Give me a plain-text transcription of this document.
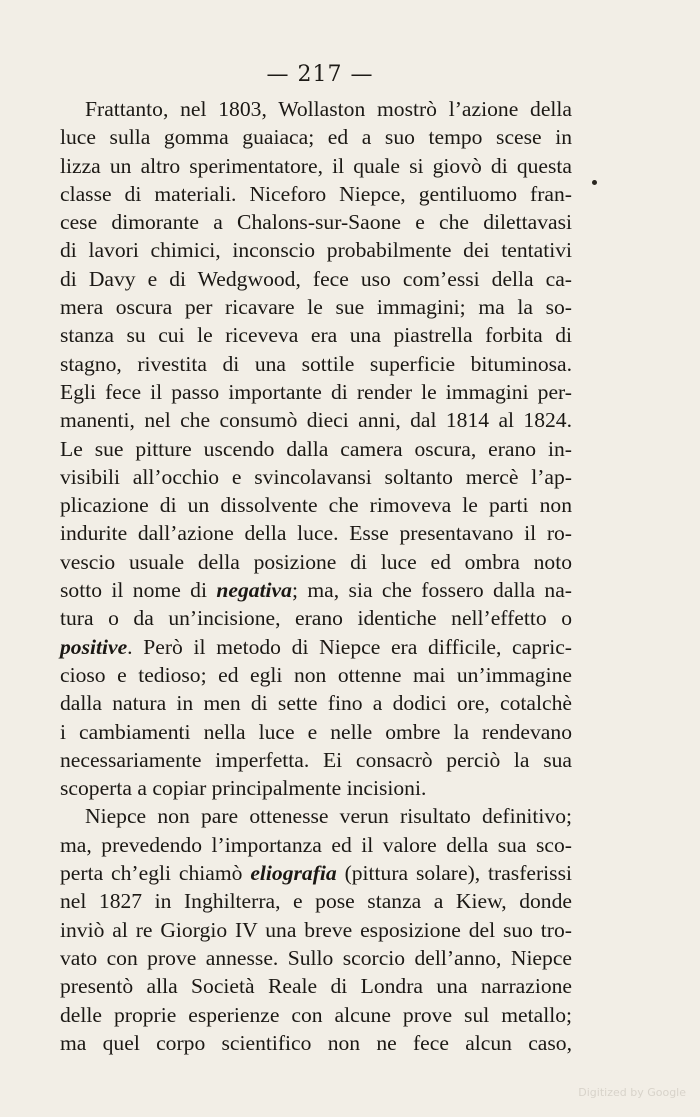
— 217 —
Frattanto, nel 1803, Wollaston mostrò l’azione della
luce sulla gomma guaiaca; ed a suo tempo scese in
lizza un altro sperimentatore, il quale si giovò di questa
classe di materiali. Niceforo Niepce, gentiluomo fran-
cese dimorante a Chalons-sur-Saone e che dilettavasi
di lavori chimici, inconscio probabilmente dei tentativi
di Davy e di Wedgwood, fece uso com’essi della ca-
mera oscura per ricavare le sue immagini; ma la so-
stanza su cui le riceveva era una piastrella forbita di
stagno, rivestita di una sottile superficie bituminosa.
Egli fece il passo importante di render le immagini per-
manenti, nel che consumò dieci anni, dal 1814 al 1824.
Le sue pitture uscendo dalla camera oscura, erano in-
visibili all’occhio e svincolavansi soltanto mercè l’ap-
plicazione di un dissolvente che rimoveva le parti non
indurite dall’azione della luce. Esse presentavano il ro-
vescio usuale della posizione di luce ed ombra noto
sotto il nome di negativa; ma, sia che fossero dalla na-
tura o da un’incisione, erano identiche nell’effetto o
positive. Però il metodo di Niepce era difficile, capric-
cioso e tedioso; ed egli non ottenne mai un’immagine
dalla natura in men di sette fino a dodici ore, cotalchè
i cambiamenti nella luce e nelle ombre la rendevano
necessariamente imperfetta. Ei consacrò perciò la sua
scoperta a copiar principalmente incisioni.
Niepce non pare ottenesse verun risultato definitivo;
ma, prevedendo l’importanza ed il valore della sua sco-
perta ch’egli chiamò eliografia (pittura solare), trasferissi
nel 1827 in Inghilterra, e pose stanza a Kiew, donde
inviò al re Giorgio IV una breve esposizione del suo tro-
vato con prove annesse. Sullo scorcio dell’anno, Niepce
presentò alla Società Reale di Londra una narrazione
delle proprie esperienze con alcune prove sul metallo;
ma quel corpo scientifico non ne fece alcun caso,
Digitized by Google
